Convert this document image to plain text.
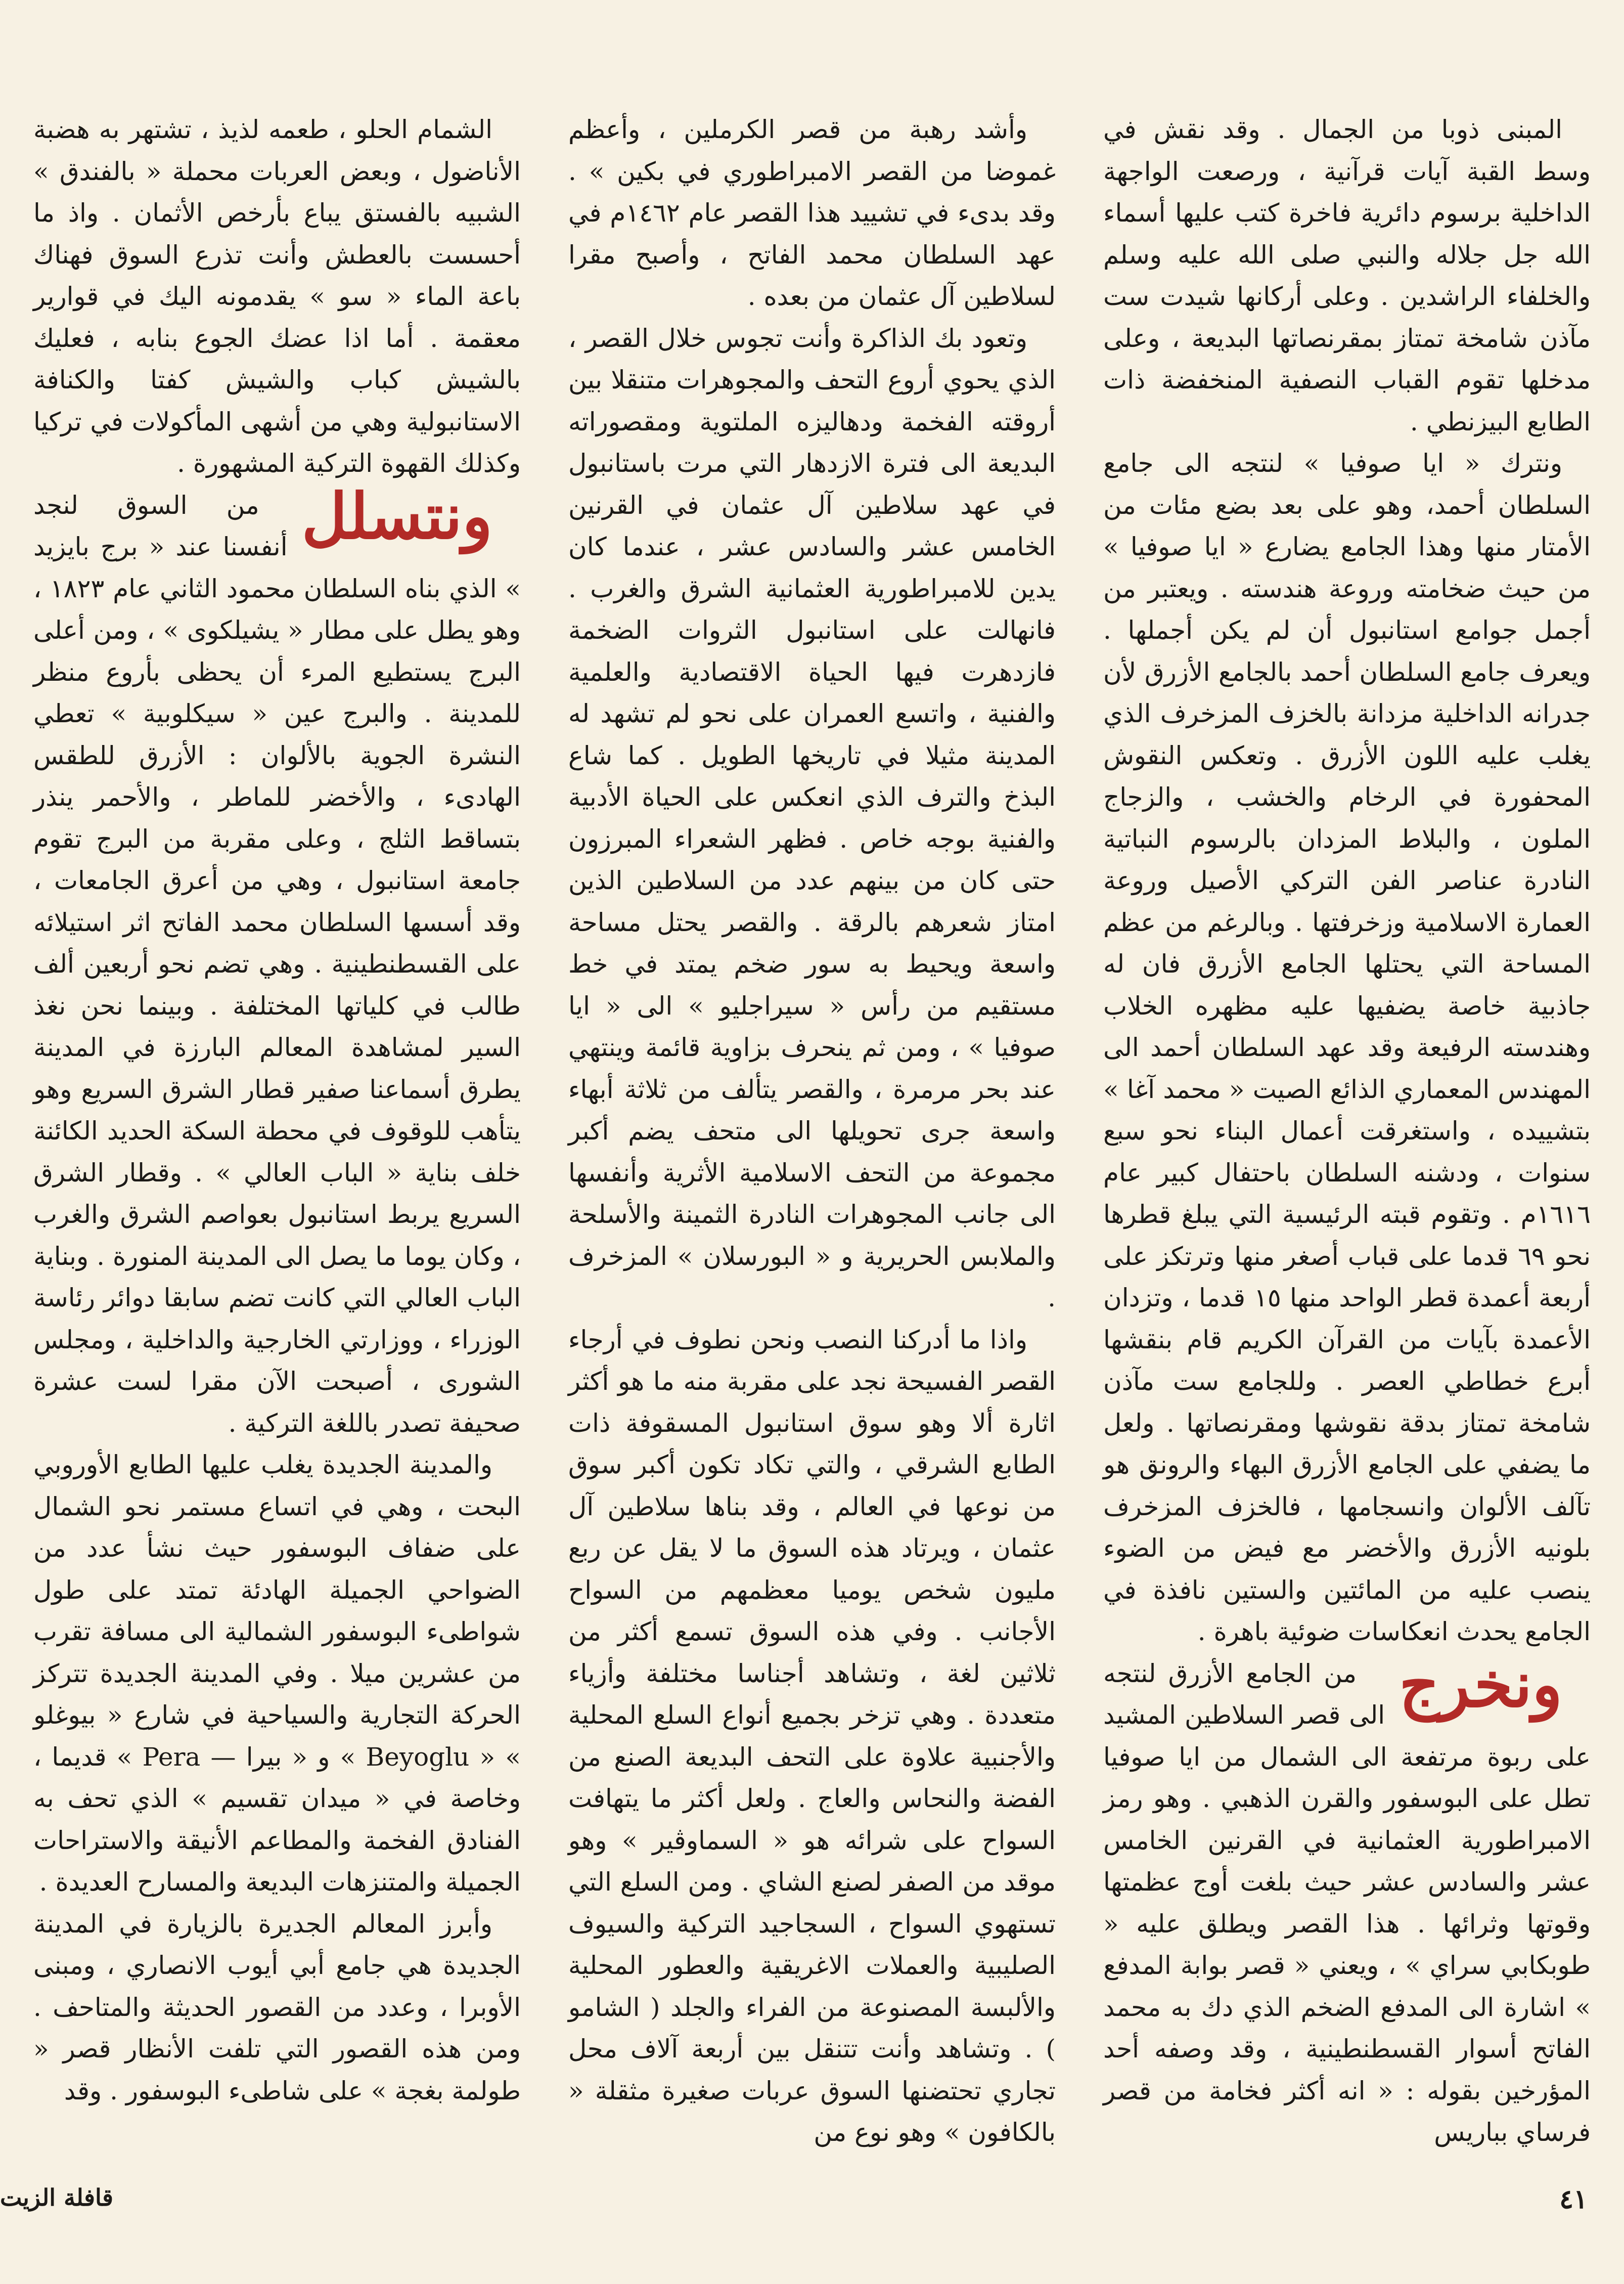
المبنى ذوبا من الجمال . وقد نقش في وسط القبة آيات قرآنية ، ورصعت الواجهة الداخلية برسوم دائرية فاخرة كتب عليها أسماء الله جل جلاله والنبي صلى الله عليه وسلم والخلفاء الراشدين . وعلى أركانها شيدت ست مآذن شامخة تمتاز بمقرنصاتها البديعة ، وعلى مدخلها تقوم القباب النصفية المنخفضة ذات الطابع البيزنطي .

ونترك « ايا صوفيا » لنتجه الى جامع السلطان أحمد، وهو على بعد بضع مئات من الأمتار منها وهذا الجامع يضارع « ايا صوفيا » من حيث ضخامته وروعة هندسته . ويعتبر من أجمل جوامع استانبول أن لم يكن أجملها . ويعرف جامع السلطان أحمد بالجامع الأزرق لأن جدرانه الداخلية مزدانة بالخزف المزخرف الذي يغلب عليه اللون الأزرق . وتعكس النقوش المحفورة في الرخام والخشب ، والزجاج الملون ، والبلاط المزدان بالرسوم النباتية النادرة عناصر الفن التركي الأصيل وروعة العمارة الاسلامية وزخرفتها . وبالرغم من عظم المساحة التي يحتلها الجامع الأزرق فان له جاذبية خاصة يضفيها عليه مظهره الخلاب وهندسته الرفيعة وقد عهد السلطان أحمد الى المهندس المعماري الذائع الصيت « محمد آغا » بتشييده ، واستغرقت أعمال البناء نحو سبع سنوات ، ودشنه السلطان باحتفال كبير عام ١٦١٦م . وتقوم قبته الرئيسية التي يبلغ قطرها نحو ٦٩ قدما على قباب أصغر منها وترتكز على أربعة أعمدة قطر الواحد منها ١٥ قدما ، وتزدان الأعمدة بآيات من القرآن الكريم قام بنقشها أبرع خطاطي العصر . وللجامع ست مآذن شامخة تمتاز بدقة نقوشها ومقرنصاتها . ولعل ما يضفي على الجامع الأزرق البهاء والرونق هو تآلف الألوان وانسجامها ، فالخزف المزخرف بلونيه الأزرق والأخضر مع فيض من الضوء ينصب عليه من المائتين والستين نافذة في الجامع يحدث انعكاسات ضوئية باهرة .

ونخرج
من الجامع الأزرق لنتجه الى قصر السلاطين المشيد على ربوة مرتفعة الى الشمال من ايا صوفيا تطل على البوسفور والقرن الذهبي . وهو رمز الامبراطورية العثمانية في القرنين الخامس عشر والسادس عشر حيث بلغت أوج عظمتها وقوتها وثرائها . هذا القصر ويطلق عليه « طوبكابي سراي » ، ويعني « قصر بوابة المدفع » اشارة الى المدفع الضخم الذي دك به محمد الفاتح أسوار القسطنطينية ، وقد وصفه أحد المؤرخين بقوله : « انه أكثر فخامة من قصر فرساي بباريس

وأشد رهبة من قصر الكرملين ، وأعظم غموضا من القصر الامبراطوري في بكين » . وقد بدىء في تشييد هذا القصر عام ١٤٦٢م في عهد السلطان محمد الفاتح ، وأصبح مقرا لسلاطين آل عثمان من بعده .

وتعود بك الذاكرة وأنت تجوس خلال القصر ، الذي يحوي أروع التحف والمجوهرات متنقلا بين أروقته الفخمة ودهاليزه الملتوية ومقصوراته البديعة الى فترة الازدهار التي مرت باستانبول في عهد سلاطين آل عثمان في القرنين الخامس عشر والسادس عشر ، عندما كان يدين للامبراطورية العثمانية الشرق والغرب . فانهالت على استانبول الثروات الضخمة فازدهرت فيها الحياة الاقتصادية والعلمية والفنية ، واتسع العمران على نحو لم تشهد له المدينة مثيلا في تاريخها الطويل . كما شاع البذخ والترف الذي انعكس على الحياة الأدبية والفنية بوجه خاص . فظهر الشعراء المبرزون حتى كان من بينهم عدد من السلاطين الذين امتاز شعرهم بالرقة . والقصر يحتل مساحة واسعة ويحيط به سور ضخم يمتد في خط مستقيم من رأس « سيراجليو » الى « ايا صوفيا » ، ومن ثم ينحرف بزاوية قائمة وينتهي عند بحر مرمرة ، والقصر يتألف من ثلاثة أبهاء واسعة جرى تحويلها الى متحف يضم أكبر مجموعة من التحف الاسلامية الأثرية وأنفسها الى جانب المجوهرات النادرة الثمينة والأسلحة والملابس الحريرية و « البورسلان » المزخرف .

واذا ما أدركنا النصب ونحن نطوف في أرجاء القصر الفسيحة نجد على مقربة منه ما هو أكثر اثارة ألا وهو سوق استانبول المسقوفة ذات الطابع الشرقي ، والتي تكاد تكون أكبر سوق من نوعها في العالم ، وقد بناها سلاطين آل عثمان ، ويرتاد هذه السوق ما لا يقل عن ربع مليون شخص يوميا معظمهم من السواح الأجانب . وفي هذه السوق تسمع أكثر من ثلاثين لغة ، وتشاهد أجناسا مختلفة وأزياء متعددة . وهي تزخر بجميع أنواع السلع المحلية والأجنبية علاوة على التحف البديعة الصنع من الفضة والنحاس والعاج . ولعل أكثر ما يتهافت السواح على شرائه هو « السماوڤير » وهو موقد من الصفر لصنع الشاي . ومن السلع التي تستهوي السواح ، السجاجيد التركية والسيوف الصليبية والعملات الاغريقية والعطور المحلية والألبسة المصنوعة من الفراء والجلد ( الشامو ) . وتشاهد وأنت تتنقل بين أربعة آلاف محل تجاري تحتضنها السوق عربات صغيرة مثقلة « بالكافون » وهو نوع من

الشمام الحلو ، طعمه لذيذ ، تشتهر به هضبة الأناضول ، وبعض العربات محملة « بالفندق » الشبيه بالفستق يباع بأرخص الأثمان . واذ ما أحسست بالعطش وأنت تذرع السوق فهناك باعة الماء « سو » يقدمونه اليك في قوارير معقمة . أما اذا عضك الجوع بنابه ، فعليك بالشيش كباب والشيش كفتا والكنافة الاستانبولية وهي من أشهى المأكولات في تركيا وكذلك القهوة التركية المشهورة .

ونتسلل
من السوق لنجد أنفسنا عند « برج بايزيد » الذي بناه السلطان محمود الثاني عام ١٨٢٣ ، وهو يطل على مطار « يشيلكوى » ، ومن أعلى البرج يستطيع المرء أن يحظى بأروع منظر للمدينة . والبرج عين « سيكلوبية » تعطي النشرة الجوية بالألوان : الأزرق للطقس الهادىء ، والأخضر للماطر ، والأحمر ينذر بتساقط الثلج ، وعلى مقربة من البرج تقوم جامعة استانبول ، وهي من أعرق الجامعات ، وقد أسسها السلطان محمد الفاتح اثر استيلائه على القسطنطينية . وهي تضم نحو أربعين ألف طالب في كلياتها المختلفة . وبينما نحن نغذ السير لمشاهدة المعالم البارزة في المدينة يطرق أسماعنا صفير قطار الشرق السريع وهو يتأهب للوقوف في محطة السكة الحديد الكائنة خلف بناية « الباب العالي » . وقطار الشرق السريع يربط استانبول بعواصم الشرق والغرب ، وكان يوما ما يصل الى المدينة المنورة . وبناية الباب العالي التي كانت تضم سابقا دوائر رئاسة الوزراء ، ووزارتي الخارجية والداخلية ، ومجلس الشورى ، أصبحت الآن مقرا لست عشرة صحيفة تصدر باللغة التركية .

والمدينة الجديدة يغلب عليها الطابع الأوروبي البحت ، وهي في اتساع مستمر نحو الشمال على ضفاف البوسفور حيث نشأ عدد من الضواحي الجميلة الهادئة تمتد على طول شواطىء البوسفور الشمالية الى مسافة تقرب من عشرين ميلا . وفي المدينة الجديدة تتركز الحركة التجارية والسياحية في شارع « بيوغلو » « Beyoglu » و « بيرا — Pera » قديما ، وخاصة في « ميدان تقسيم » الذي تحف به الفنادق الفخمة والمطاعم الأنيقة والاستراحات الجميلة والمتنزهات البديعة والمسارح العديدة .

وأبرز المعالم الجديرة بالزيارة في المدينة الجديدة هي جامع أبي أيوب الانصاري ، ومبنى الأوبرا ، وعدد من القصور الحديثة والمتاحف . ومن هذه القصور التي تلفت الأنظار قصر « طولمة بغجة » على شاطىء البوسفور . وقد

٤١
قافلة الزيت
